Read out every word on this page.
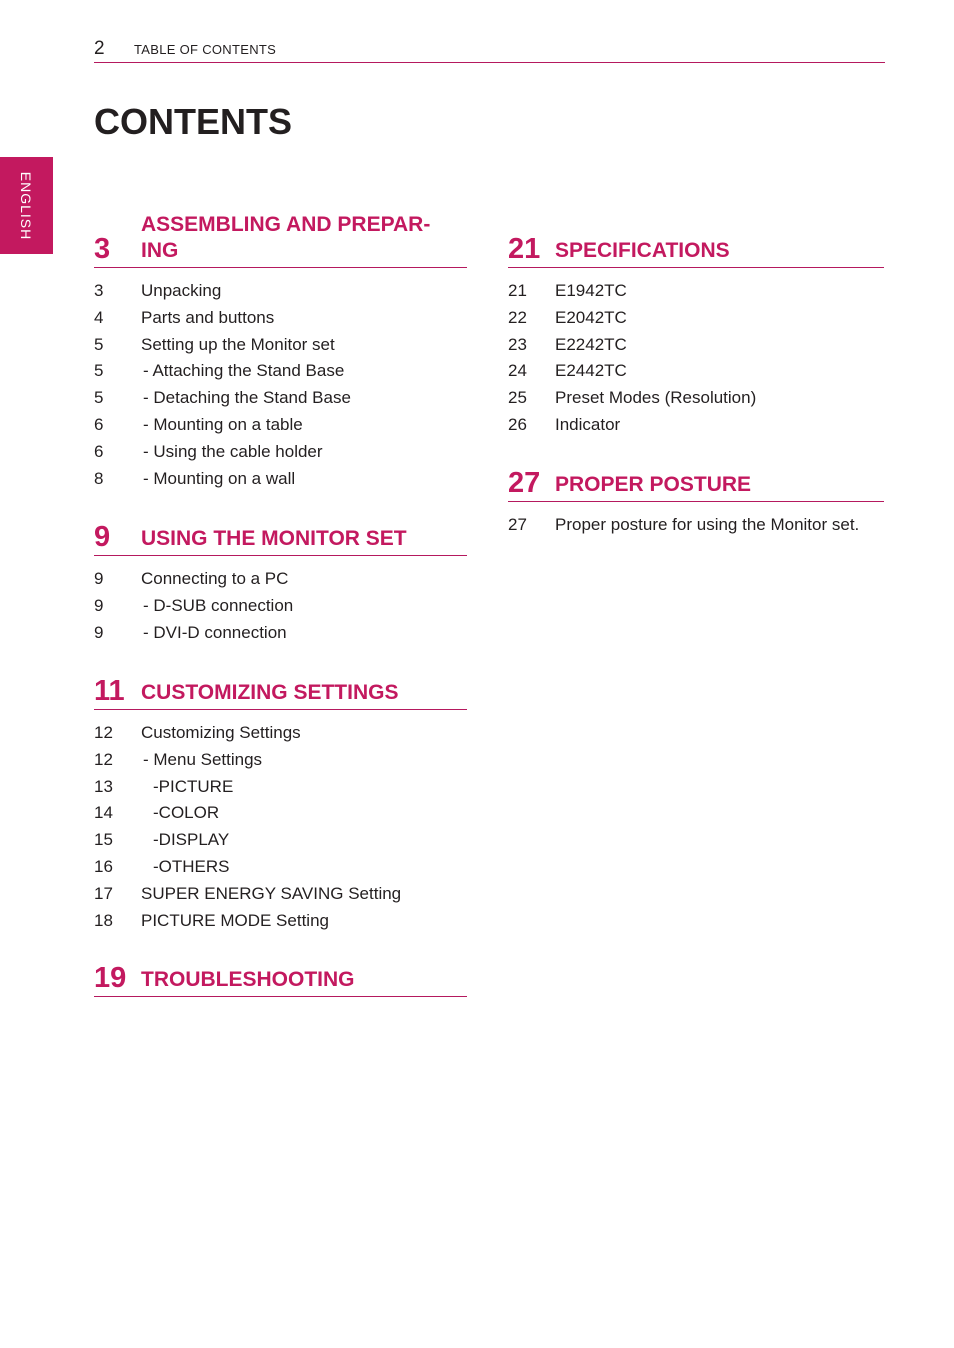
2 TABLE OF CONTENTS
ENGLISH
CONTENTS
3
ASSEMBLING AND PREPAR-
ING
3 Unpacking
4 Parts and buttons
5 Setting up the Monitor set
5 - Attaching the Stand Base
5 - Detaching the Stand Base
6 - Mounting on a table
6 - Using the cable holder
8 - Mounting on a wall
9	USING THE MONITOR SET
9 Connecting to a PC
9 - D-SUB connection
9 - DVI-D connection
11 CUSTOMIZING SETTINGS
12 Customizing Settings
12 - Menu Settings
13 -PICTURE
14 -COLOR
15 -DISPLAY
16 -OTHERS
17 SUPER ENERGY SAVING Setting
18 PICTURE MODE Setting
19 TROUBLESHOOTING
21 SPECIFICATIONS
21 E1942TC
22 E2042TC
23 E2242TC
24 E2442TC
25 Preset Modes (Resolution)
26 Indicator
27 PROPER POSTURE
27 Proper posture for using the Monitor set.
